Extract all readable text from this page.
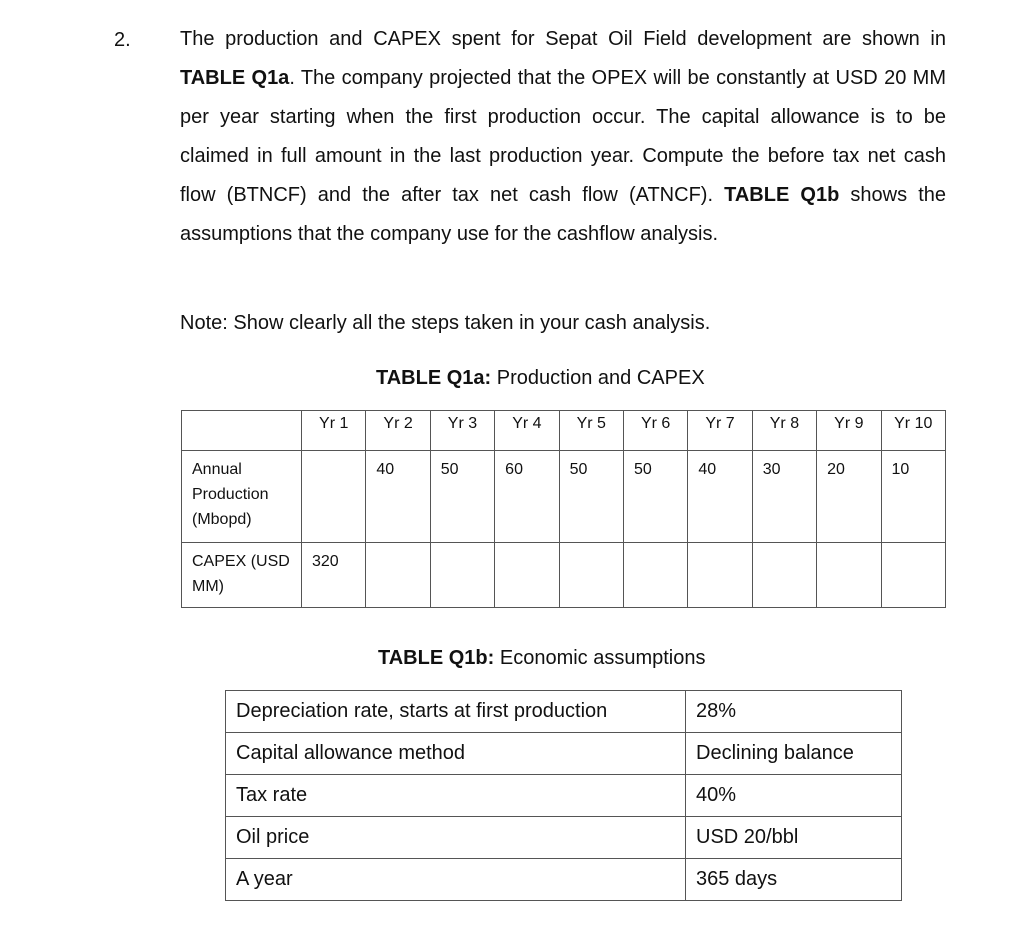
2. The production and CAPEX spent for Sepat Oil Field development are shown in TABLE Q1a. The company projected that the OPEX will be constantly at USD 20 MM per year starting when the first production occur. The capital allowance is to be claimed in full amount in the last production year. Compute the before tax net cash flow (BTNCF) and the after tax net cash flow (ATNCF). TABLE Q1b shows the assumptions that the company use for the cashflow analysis.

Note: Show clearly all the steps taken in your cash analysis.

TABLE Q1a: Production and CAPEX

	Yr 1	Yr 2	Yr 3	Yr 4	Yr 5	Yr 6	Yr 7	Yr 8	Yr 9	Yr 10
Annual Production (Mbopd)		40	50	60	50	50	40	30	20	10
CAPEX (USD MM)	320									

TABLE Q1b: Economic assumptions

Depreciation rate, starts at first production	28%
Capital allowance method	Declining balance
Tax rate	40%
Oil price	USD 20/bbl
A year	365 days
